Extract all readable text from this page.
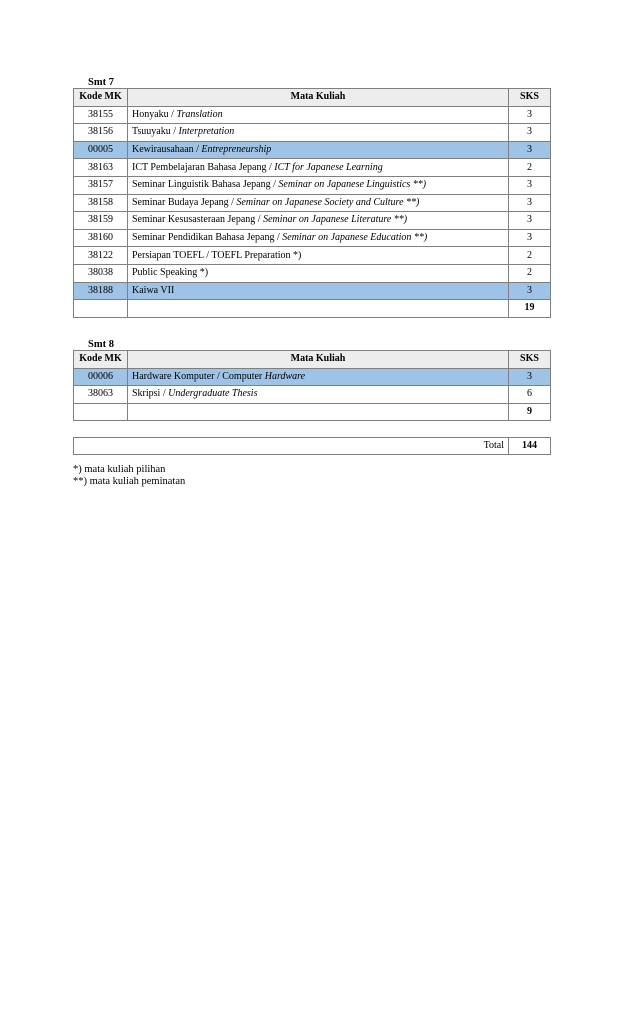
Smt 7
Kode MK	Mata Kuliah	SKS
38155	Honyaku / Translation	3
38156	Tsuuyaku / Interpretation	3
00005	Kewirausahaan / Entrepreneurship	3
38163	ICT Pembelajaran Bahasa Jepang / ICT for Japanese Learning	2
38157	Seminar Linguistik Bahasa Jepang / Seminar on Japanese Linguistics **)	3
38158	Seminar Budaya Jepang / Seminar on Japanese Society and Culture **)	3
38159	Seminar Kesusasteraan Jepang / Seminar on Japanese Literature **)	3
38160	Seminar Pendidikan Bahasa Jepang / Seminar on Japanese Education **)	3
38122	Persiapan TOEFL / TOEFL Preparation *)	2
38038	Public Speaking *)	2
38188	Kaiwa VII	3
		19
Smt 8
Kode MK	Mata Kuliah	SKS
00006	Hardware Komputer / Computer Hardware	3
38063	Skripsi / Undergraduate Thesis	6
		9
Total	144
*) mata kuliah pilihan
**) mata kuliah peminatan
